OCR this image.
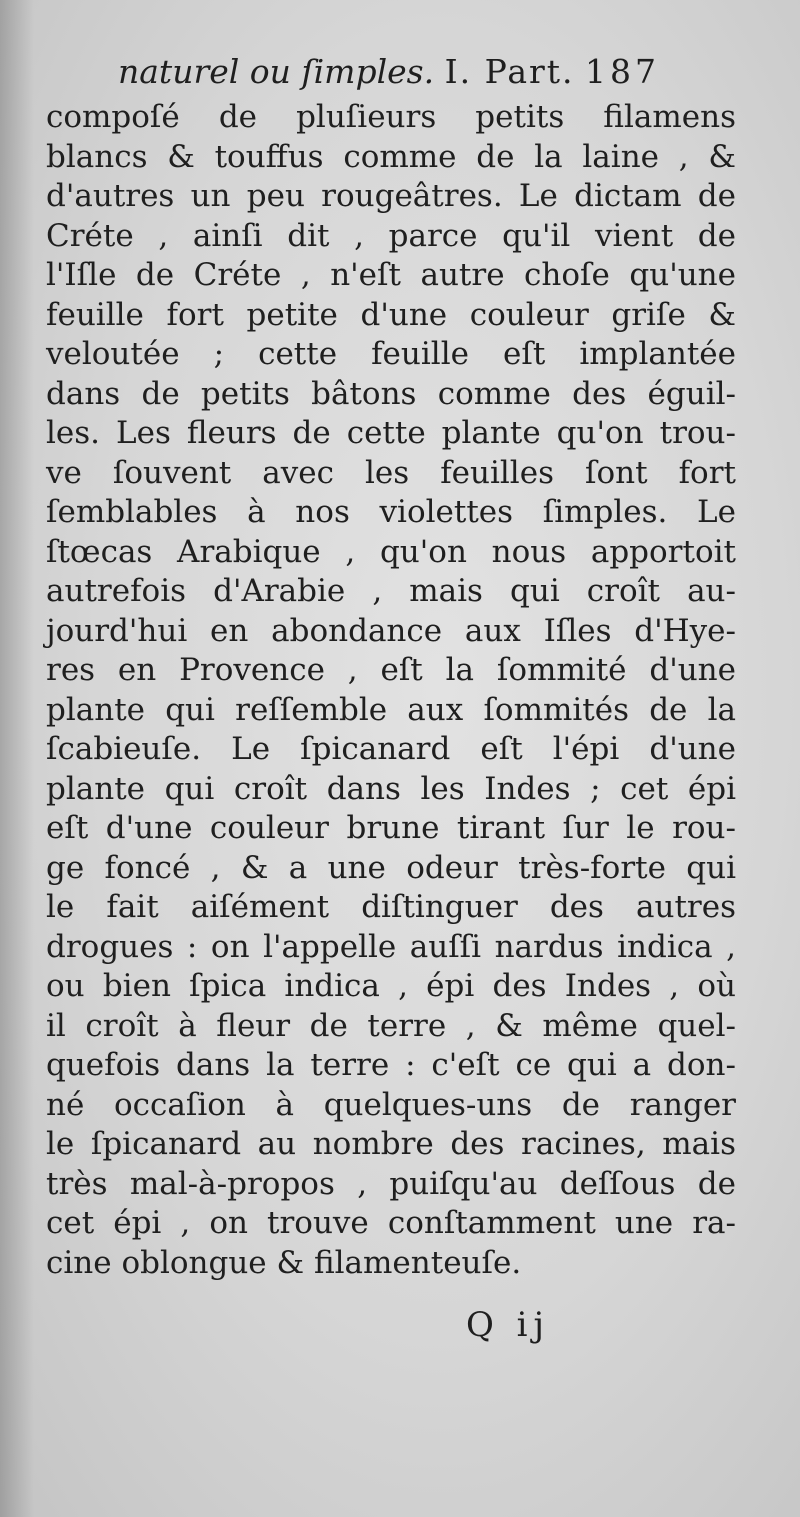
naturel ou ſimples. I. Part. 187
compoſé de pluſieurs petits filamens
blancs & touffus comme de la laine , &
d'autres un peu rougeâtres. Le dictam de
Créte , ainſi dit , parce qu'il vient de
l'Iſle de Créte , n'eſt autre choſe qu'une
feuille fort petite d'une couleur griſe &
veloutée ; cette feuille eſt implantée
dans de petits bâtons comme des éguil-
les. Les fleurs de cette plante qu'on trou-
ve ſouvent avec les feuilles ſont fort
ſemblables à nos violettes ſimples. Le
ſtœcas Arabique , qu'on nous apportoit
autrefois d'Arabie , mais qui croît au-
jourd'hui en abondance aux Iſles d'Hye-
res en Provence , eſt la ſommité d'une
plante qui reſſemble aux ſommités de la
ſcabieuſe. Le ſpicanard eſt l'épi d'une
plante qui croît dans les Indes ; cet épi
eſt d'une couleur brune tirant ſur le rou-
ge foncé , & a une odeur très-forte qui
le fait aiſément diſtinguer des autres
drogues : on l'appelle auſſi nardus indica ,
ou bien ſpica indica , épi des Indes , où
il croît à fleur de terre , & même quel-
quefois dans la terre : c'eſt ce qui a don-
né occaſion à quelques-uns de ranger
le ſpicanard au nombre des racines, mais
très mal-à-propos , puiſqu'au deſſous de
cet épi , on trouve conſtamment une ra-
cine oblongue & filamenteuſe.
Q ij
